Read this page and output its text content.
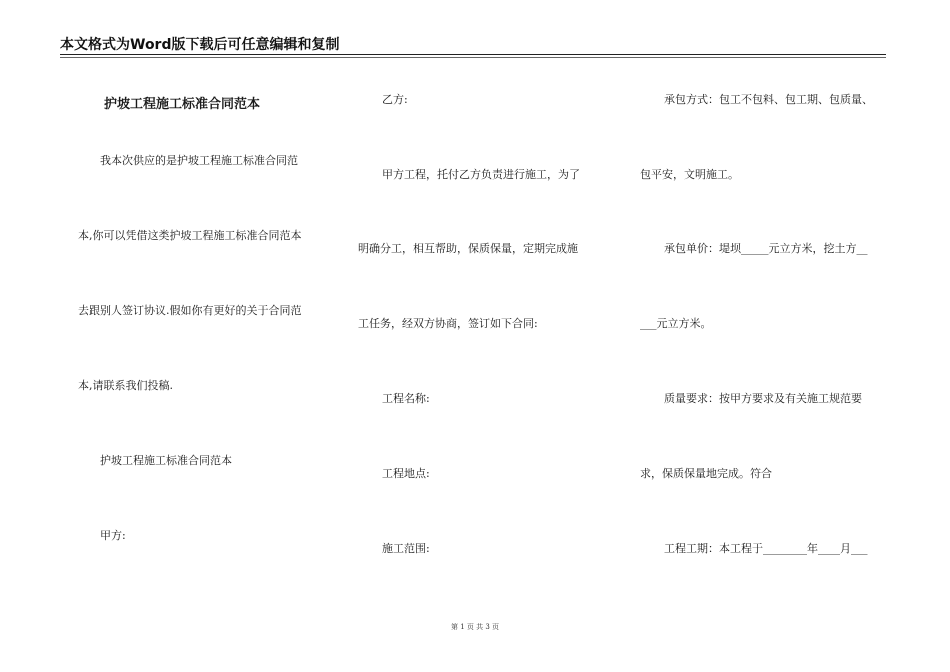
本文格式为Word版下载后可任意编辑和复制
护坡工程施工标准合同范本
我本次供应的是护坡工程施工标准合同范
本,你可以凭借这类护坡工程施工标准合同范本
去跟别人签订协议.假如你有更好的关于合同范
本,请联系我们投稿.
护坡工程施工标准合同范本
甲方:
乙方:
甲方工程，托付乙方负责进行施工，为了
明确分工，相互帮助，保质保量，定期完成施
工任务，经双方协商，签订如下合同:
工程名称:
工程地点:
施工范围:
承包方式：包工不包料、包工期、包质量、
包平安，文明施工。
承包单价：堤坝_____元立方米，挖土方__
___元立方米。
质量要求：按甲方要求及有关施工规范要
求，保质保量地完成。符合
工程工期：本工程于________年____月___
第 1 页 共 3 页
